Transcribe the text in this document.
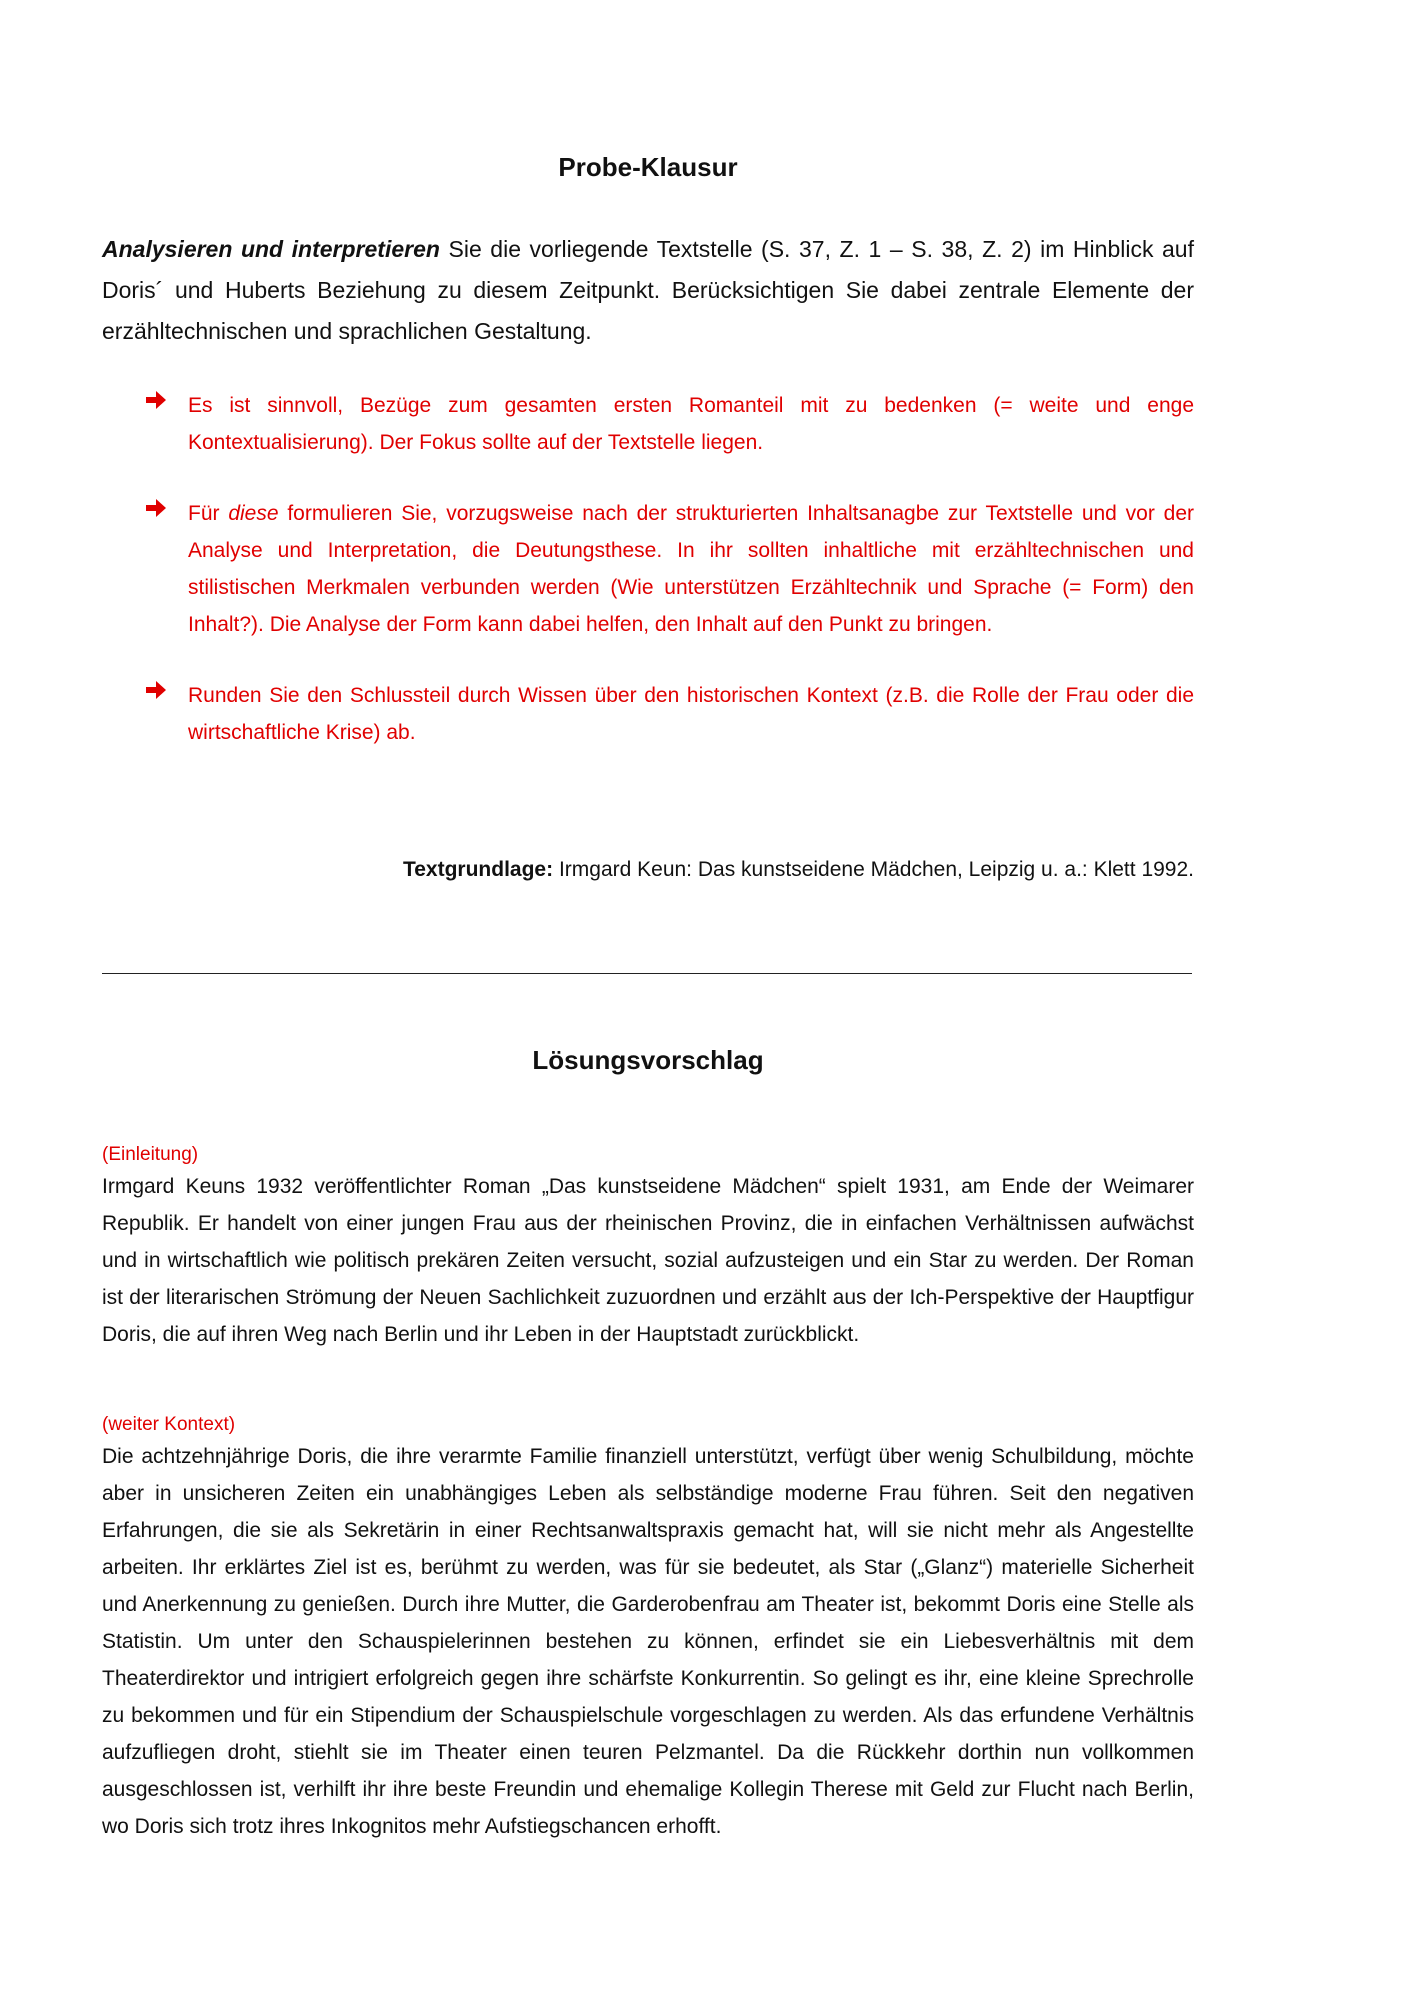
Probe-Klausur

Analysieren und interpretieren Sie die vorliegende Textstelle (S. 37, Z. 1 – S. 38, Z. 2) im Hinblick auf Doris´ und Huberts Beziehung zu diesem Zeitpunkt. Berücksichtigen Sie dabei zentrale Elemente der erzähltechnischen und sprachlichen Gestaltung.

Es ist sinnvoll, Bezüge zum gesamten ersten Romanteil mit zu bedenken (= weite und enge Kontextualisierung). Der Fokus sollte auf der Textstelle liegen.
Für diese formulieren Sie, vorzugsweise nach der strukturierten Inhaltsanagbe zur Textstelle und vor der Analyse und Interpretation, die Deutungsthese. In ihr sollten inhaltliche mit erzähltechnischen und stilistischen Merkmalen verbunden werden (Wie unterstützen Erzähltechnik und Sprache (= Form) den Inhalt?). Die Analyse der Form kann dabei helfen, den Inhalt auf den Punkt zu bringen.
Runden Sie den Schlussteil durch Wissen über den historischen Kontext (z.B. die Rolle der Frau oder die wirtschaftliche Krise) ab.

Textgrundlage: Irmgard Keun: Das kunstseidene Mädchen, Leipzig u. a.: Klett 1992.

Lösungsvorschlag

(Einleitung)

Irmgard Keuns 1932 veröffentlichter Roman „Das kunstseidene Mädchen“ spielt 1931, am Ende der Weimarer Republik. Er handelt von einer jungen Frau aus der rheinischen Provinz, die in einfachen Verhältnissen aufwächst und in wirtschaftlich wie politisch prekären Zeiten versucht, sozial aufzusteigen und ein Star zu werden. Der Roman ist der literarischen Strömung der Neuen Sachlichkeit zuzuordnen und erzählt aus der Ich-Perspektive der Hauptfigur Doris, die auf ihren Weg nach Berlin und ihr Leben in der Hauptstadt zurückblickt.

(weiter Kontext)

Die achtzehnjährige Doris, die ihre verarmte Familie finanziell unterstützt, verfügt über wenig Schulbildung, möchte aber in unsicheren Zeiten ein unabhängiges Leben als selbständige moderne Frau führen. Seit den negativen Erfahrungen, die sie als Sekretärin in einer Rechtsanwaltspraxis gemacht hat, will sie nicht mehr als Angestellte arbeiten. Ihr erklärtes Ziel ist es, berühmt zu werden, was für sie bedeutet, als Star („Glanz“) materielle Sicherheit und Anerkennung zu genießen. Durch ihre Mutter, die Garderobenfrau am Theater ist, bekommt Doris eine Stelle als Statistin. Um unter den Schauspielerinnen bestehen zu können, erfindet sie ein Liebesverhältnis mit dem Theaterdirektor und intrigiert erfolgreich gegen ihre schärfste Konkurrentin. So gelingt es ihr, eine kleine Sprechrolle zu bekommen und für ein Stipendium der Schauspielschule vorgeschlagen zu werden. Als das erfundene Verhältnis aufzufliegen droht, stiehlt sie im Theater einen teuren Pelzmantel. Da die Rückkehr dorthin nun vollkommen ausgeschlossen ist, verhilft ihr ihre beste Freundin und ehemalige Kollegin Therese mit Geld zur Flucht nach Berlin, wo Doris sich trotz ihres Inkognitos mehr Aufstiegschancen erhofft.
